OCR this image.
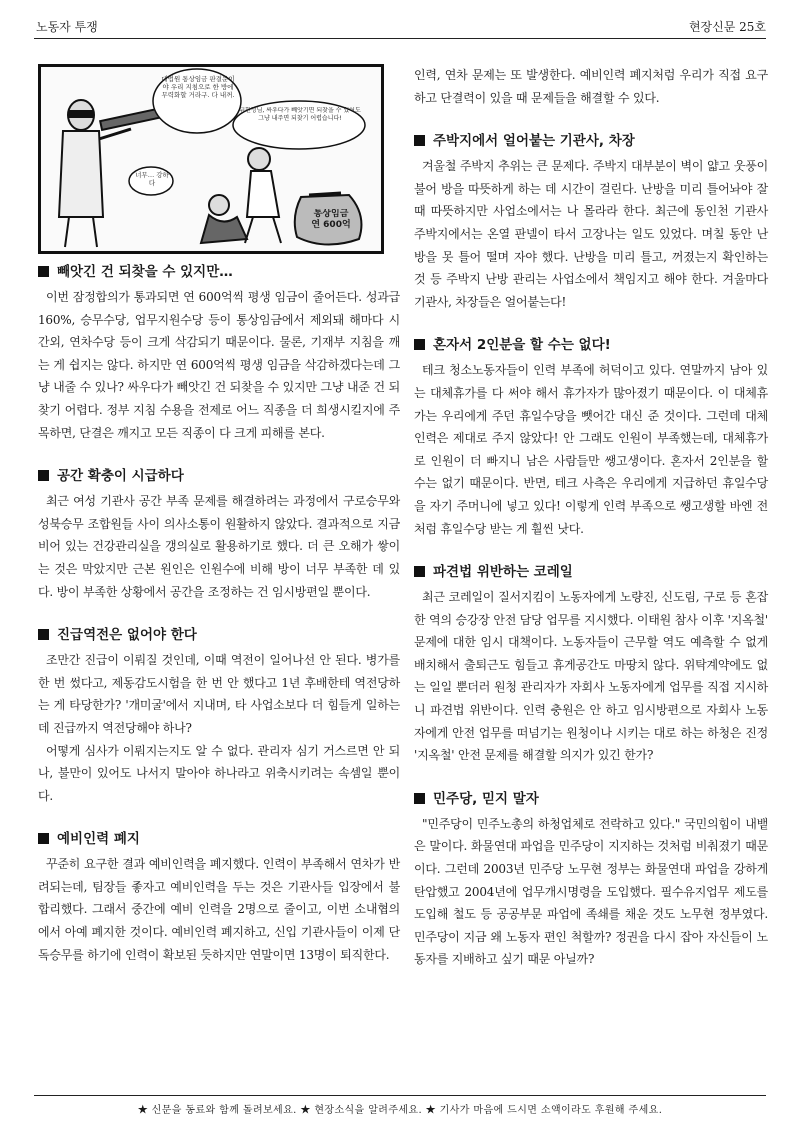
노동자 투쟁	현장신문 25호
대법원 통상임금 판결문이야 우리 지침으로 한 방에 무력화할 거라구. 다 내꺼.
뒤현정님, 싸우다가 빼앗기면 되찾을 수 있어도 그냥 내주면 되찾기 어렵습니다!
너무… 강하다
통상임금
연 600억
빼앗긴 건 되찾을 수 있지만…

이번 잠정합의가 통과되면 연 600억씩 평생 임금이 줄어든다. 성과급 160%, 승무수당, 업무지원수당 등이 통상임금에서 제외돼 해마다 시간외, 연차수당 등이 크게 삭감되기 때문이다. 물론, 기재부 지침을 깨는 게 쉽지는 않다. 하지만 연 600억씩 평생 임금을 삭감하겠다는데 그냥 내줄 수 있나? 싸우다가 빼앗긴 건 되찾을 수 있지만 그냥 내준 건 되찾기 어렵다. 정부 지침 수용을 전제로 어느 직종을 더 희생시킬지에 주목하면, 단결은 깨지고 모든 직종이 다 크게 피해를 본다.

공간 확충이 시급하다

최근 여성 기관사 공간 부족 문제를 해결하려는 과정에서 구로승무와 성북승무 조합원들 사이 의사소통이 원활하지 않았다. 결과적으로 지금 비어 있는 건강관리실을 갱의실로 활용하기로 했다. 더 큰 오해가 쌓이는 것은 막았지만 근본 원인은 인원수에 비해 방이 너무 부족한 데 있다. 방이 부족한 상황에서 공간을 조정하는 건 임시방편일 뿐이다.

진급역전은 없어야 한다

조만간 진급이 이뤄질 것인데, 이때 역전이 일어나선 안 된다. 병가를 한 번 썼다고, 제동감도시험을 한 번 안 했다고 1년 후배한테 역전당하는 게 타당한가? '개미굴'에서 지내며, 타 사업소보다 더 힘들게 일하는데 진급까지 역전당해야 하나?

어떻게 심사가 이뤄지는지도 알 수 없다. 관리자 심기 거스르면 안 되나, 불만이 있어도 나서지 말아야 하나라고 위축시키려는 속셈일 뿐이다.

예비인력 폐지

꾸준히 요구한 결과 예비인력을 폐지했다. 인력이 부족해서 연차가 반려되는데, 팀장들 좋자고 예비인력을 두는 것은 기관사들 입장에서 불합리했다. 그래서 중간에 예비 인력을 2명으로 줄이고, 이번 소내협의에서 아예 폐지한 것이다. 예비인력 폐지하고, 신입 기관사들이 이제 단독승무를 하기에 인력이 확보된 듯하지만 연말이면 13명이 퇴직한다.

인력, 연차 문제는 또 발생한다. 예비인력 폐지처럼 우리가 직접 요구하고 단결력이 있을 때 문제들을 해결할 수 있다.

주박지에서 얼어붙는 기관사, 차장

겨울철 주박지 추위는 큰 문제다. 주박지 대부분이 벽이 얇고 웃풍이 불어 방을 따뜻하게 하는 데 시간이 걸린다. 난방을 미리 틀어놔야 잘 때 따뜻하지만 사업소에서는 나 몰라라 한다. 최근에 동인천 기관사 주박지에서는 온열 판넬이 타서 고장나는 일도 있었다. 며칠 동안 난방을 못 틀어 떨며 자야 했다. 난방을 미리 틀고, 꺼졌는지 확인하는 것 등 주박지 난방 관리는 사업소에서 책임지고 해야 한다. 겨울마다 기관사, 차장들은 얼어붙는다!

혼자서 2인분을 할 수는 없다!

테크 청소노동자들이 인력 부족에 허덕이고 있다. 연말까지 남아 있는 대체휴가를 다 써야 해서 휴가자가 많아졌기 때문이다. 이 대체휴가는 우리에게 주던 휴일수당을 뺏어간 대신 준 것이다. 그런데 대체인력은 제대로 주지 않았다! 안 그래도 인원이 부족했는데, 대체휴가로 인원이 더 빠지니 남은 사람들만 쌩고생이다. 혼자서 2인분을 할 수는 없기 때문이다. 반면, 테크 사측은 우리에게 지급하던 휴일수당을 자기 주머니에 넣고 있다! 이렇게 인력 부족으로 쌩고생할 바엔 전처럼 휴일수당 받는 게 훨씬 낫다.

파견법 위반하는 코레일

최근 코레일이 질서지킴이 노동자에게 노량진, 신도림, 구로 등 혼잡한 역의 승강장 안전 담당 업무를 지시했다. 이태원 참사 이후 '지옥철' 문제에 대한 임시 대책이다. 노동자들이 근무할 역도 예측할 수 없게 배치해서 출퇴근도 힘들고 휴게공간도 마땅치 않다. 위탁계약에도 없는 일일 뿐더러 원청 관리자가 자회사 노동자에게 업무를 직접 지시하니 파견법 위반이다. 인력 충원은 안 하고 임시방편으로 자회사 노동자에게 안전 업무를 떠넘기는 원청이나 시키는 대로 하는 하청은 진정 '지옥철' 안전 문제를 해결할 의지가 있긴 한가?

민주당, 믿지 말자

"민주당이 민주노총의 하청업체로 전락하고 있다." 국민의힘이 내뱉은 말이다. 화물연대 파업을 민주당이 지지하는 것처럼 비춰졌기 때문이다. 그런데 2003년 민주당 노무현 정부는 화물연대 파업을 강하게 탄압했고 2004년에 업무개시명령을 도입했다. 필수유지업무 제도를 도입해 철도 등 공공부문 파업에 족쇄를 채운 것도 노무현 정부였다. 민주당이 지금 왜 노동자 편인 척할까? 정권을 다시 잡아 자신들이 노동자를 지배하고 싶기 때문 아닐까?

★ 신문을 동료와 함께 돌려보세요. ★ 현장소식을 알려주세요. ★ 기사가 마음에 드시면 소액이라도 후원해 주세요.
